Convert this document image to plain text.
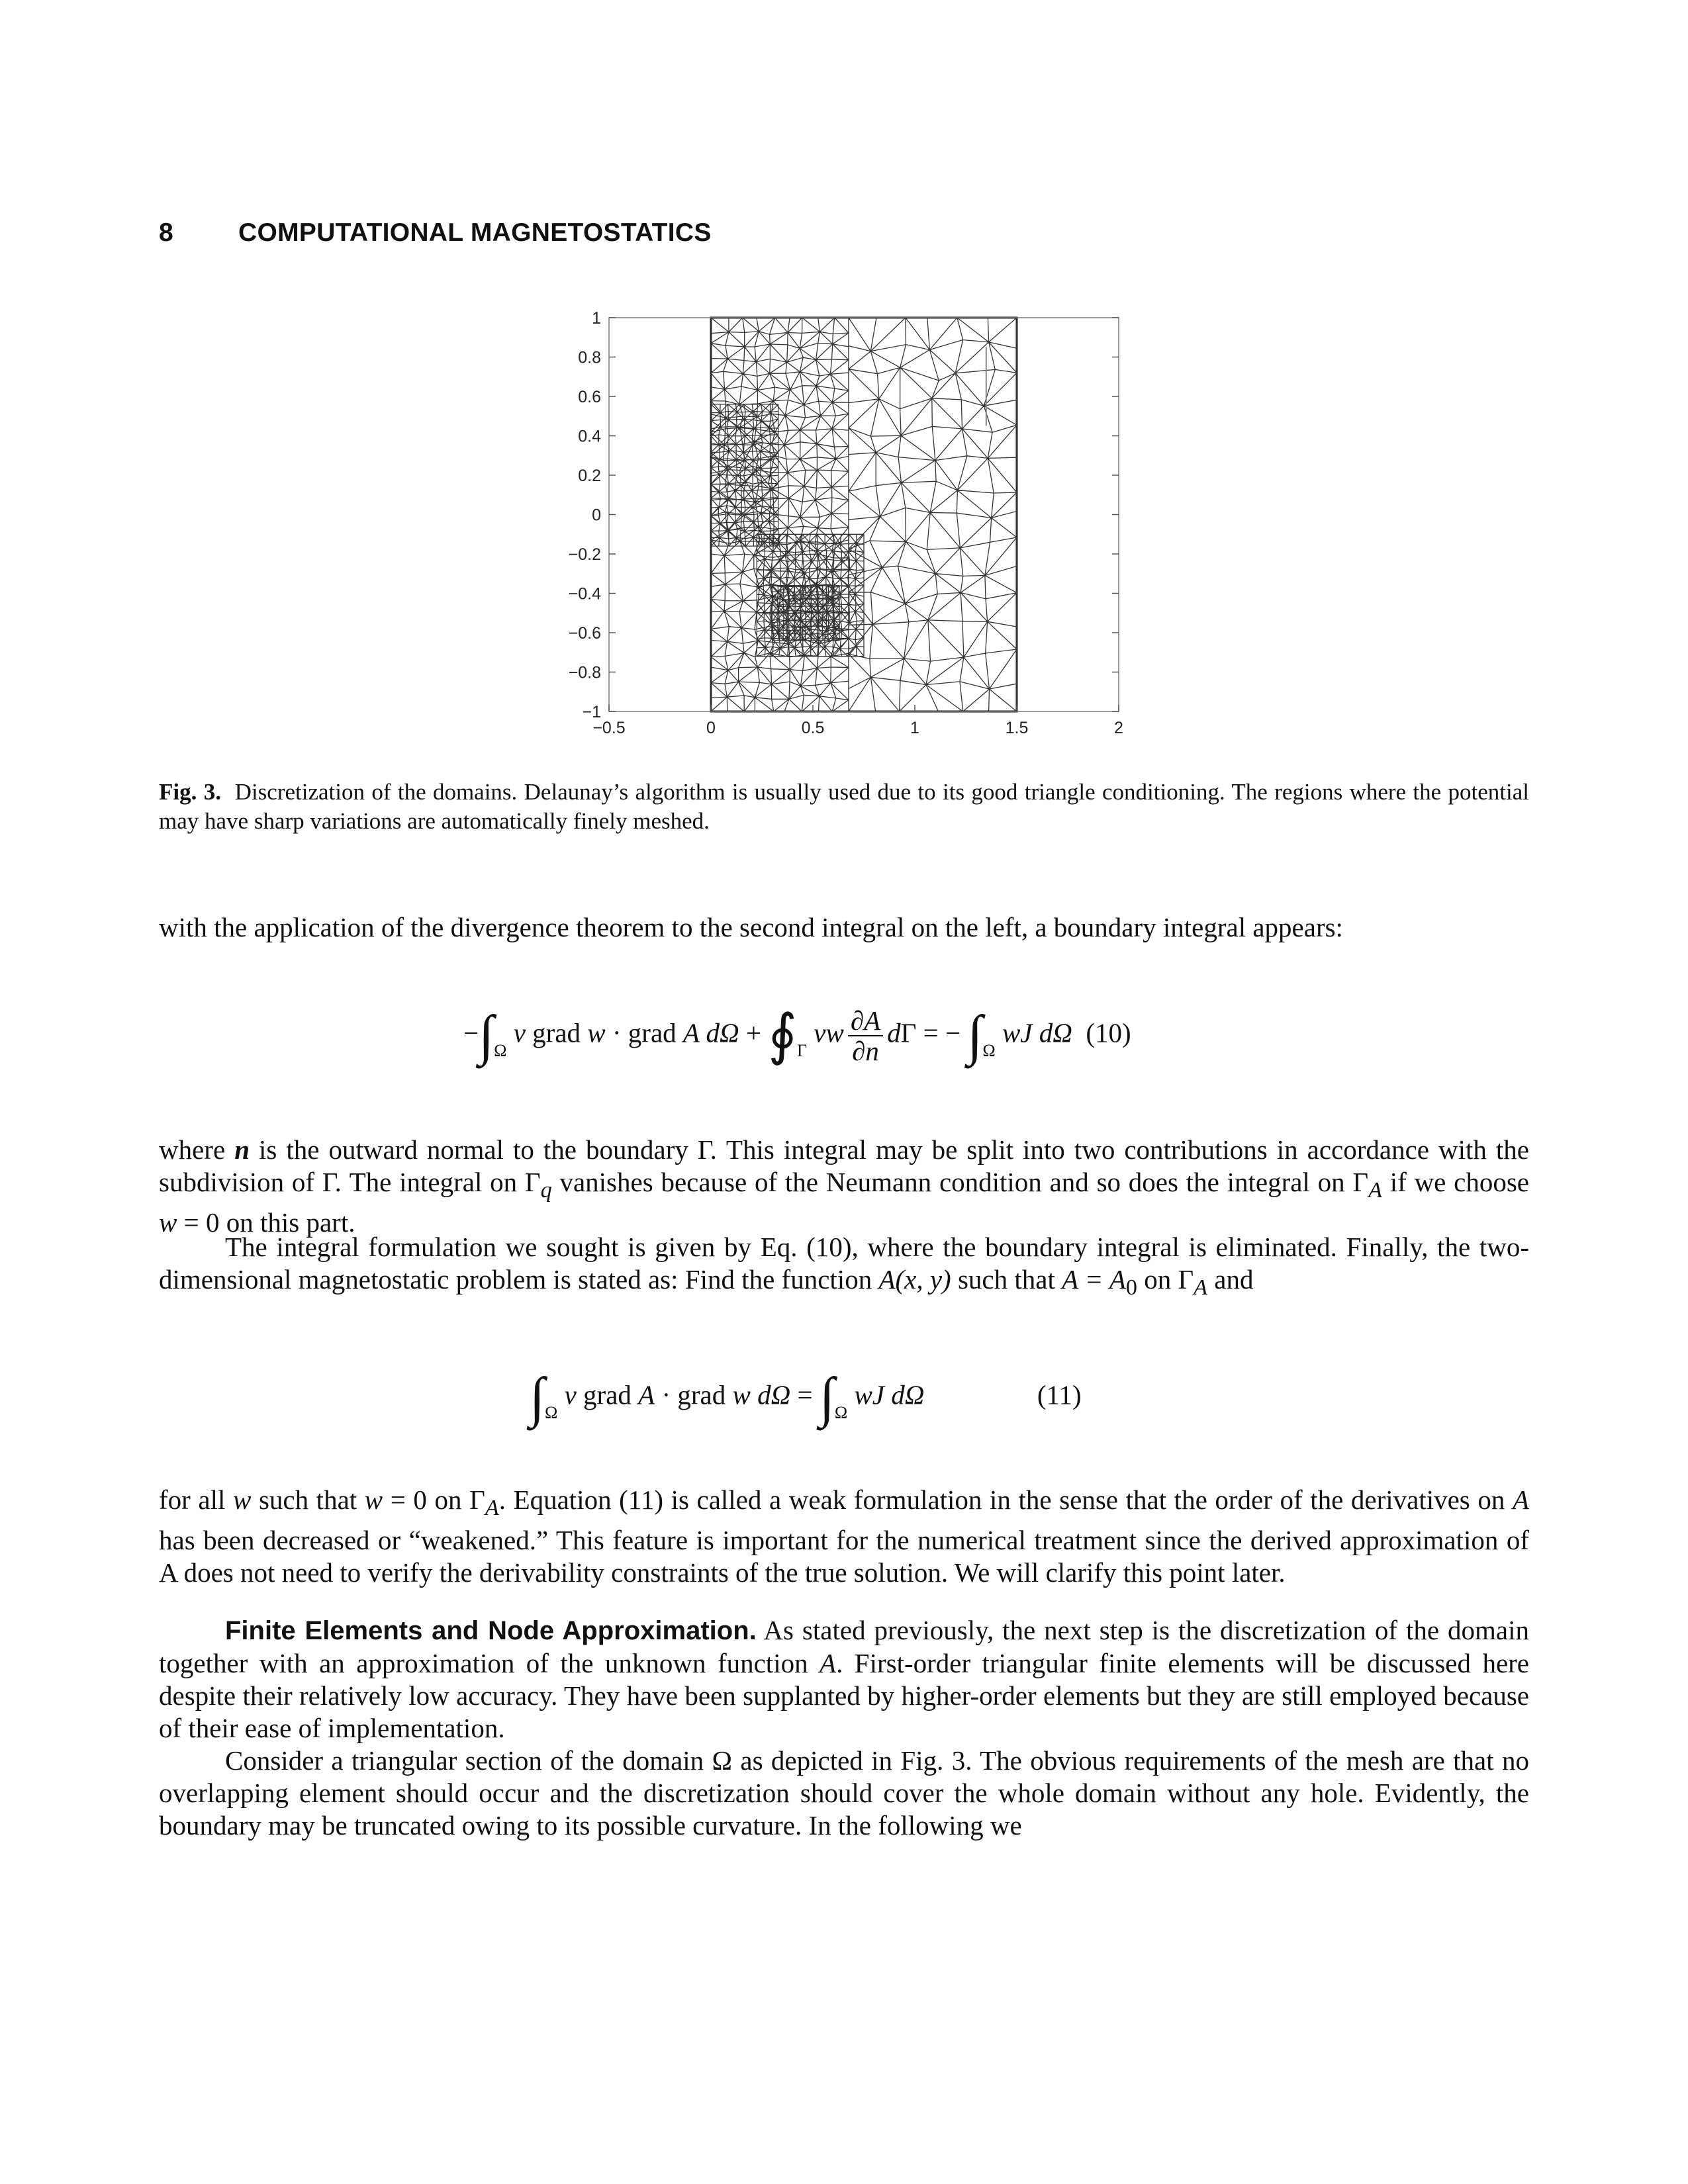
8	COMPUTATIONAL MAGNETOSTATICS
1
0.8
0.6
0.4
0.2
0
−0.2
−0.4
−0.6
−0.8
−1
−0.5	0	0.5	1	1.5	2
Fig. 3. Discretization of the domains. Delaunay’s algorithm is usually used due to its good triangle conditioning. The regions where the potential may have sharp variations are automatically finely meshed.
with the application of the divergence theorem to the second integral on the left, a boundary integral appears:
$-\int_\Omega$ ν grad w · grad A $d\Omega + ∮_\Gamma$ νw $\frac{\partial A}{\partial n}$ dΓ = − $\int_\Omega$ wJ dΩ (10)
where n is the outward normal to the boundary Γ. This integral may be split into two contributions in accordance with the subdivision of Γ. The integral on $\Gamma_q$ vanishes because of the Neumann condition and so does the integral on $\Gamma_A$ if we choose w = 0 on this part.
The integral formulation we sought is given by Eq. (10), where the boundary integral is eliminated. Finally, the two-dimensional magnetostatic problem is stated as: Find the function A(x, y) such that $A = A_0$ on $\Gamma_A$ and
$\int_\Omega$ ν grad A · grad w $d\Omega = \int_\Omega$ wJ dΩ	(11)
for all w such that w = 0 on $\Gamma_A$. Equation (11) is called a weak formulation in the sense that the order of the derivatives on A has been decreased or “weakened.” This feature is important for the numerical treatment since the derived approximation of A does not need to verify the derivability constraints of the true solution. We will clarify this point later.
Finite Elements and Node Approximation. As stated previously, the next step is the discretization of the domain together with an approximation of the unknown function A. First-order triangular finite elements will be discussed here despite their relatively low accuracy. They have been supplanted by higher-order elements but they are still employed because of their ease of implementation.
Consider a triangular section of the domain Ω as depicted in Fig. 3. The obvious requirements of the mesh are that no overlapping element should occur and the discretization should cover the whole domain without any hole. Evidently, the boundary may be truncated owing to its possible curvature. In the following we
